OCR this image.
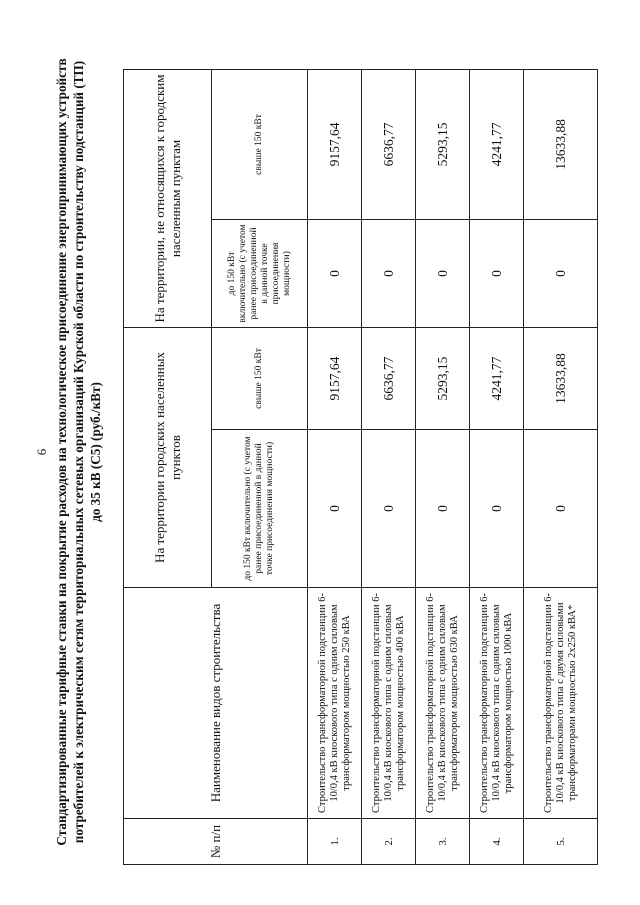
6 Стандартизированные тарифные ставки на покрытие расходов на технологическое присоединение энергопринимающих устройств потребителей к электрическим сетям территориальных сетевых организаций Курской области по строительству подстанций (ТП) до 35 кВ (С5) (руб./кВт)
№ п/п	Наименование видов строительства	На территории городских населенных пунктов		На территории, не относящихся к городским населенным пунктам	
		до 150 кВт включительно (с учетом ранее присоединенной в данной точке присоединения мощности)	свыше 150 кВт	до 150 кВт включительно (с учетом ранее присоединенной в данной точке присоединения мощности)	свыше 150 кВт
1.	Строительство трансформаторной подстанции 6-10/0,4 кВ киоскового типа с одним силовым трансформатором мощностью 250 кВА	0	9157,64	0	9157,64
2.	Строительство трансформаторной подстанции 6-10/0,4 кВ киоскового типа с одним силовым трансформатором мощностью 400 кВА	0	6636,77	0	6636,77
3.	Строительство трансформаторной подстанции 6-10/0,4 кВ киоскового типа с одним силовым трансформатором мощностью 630 кВА	0	5293,15	0	5293,15
4.	Строительство трансформаторной подстанции 6-10/0,4 кВ киоскового типа с одним силовым трансформатором мощностью 1000 кВА	0	4241,77	0	4241,77
5.	Строительство трансформаторной подстанции 6-10/0,4 кВ киоскового типа с двумя силовыми трансформаторами мощностью 2х250 кВА*	0	13633,88	0	13633,88
